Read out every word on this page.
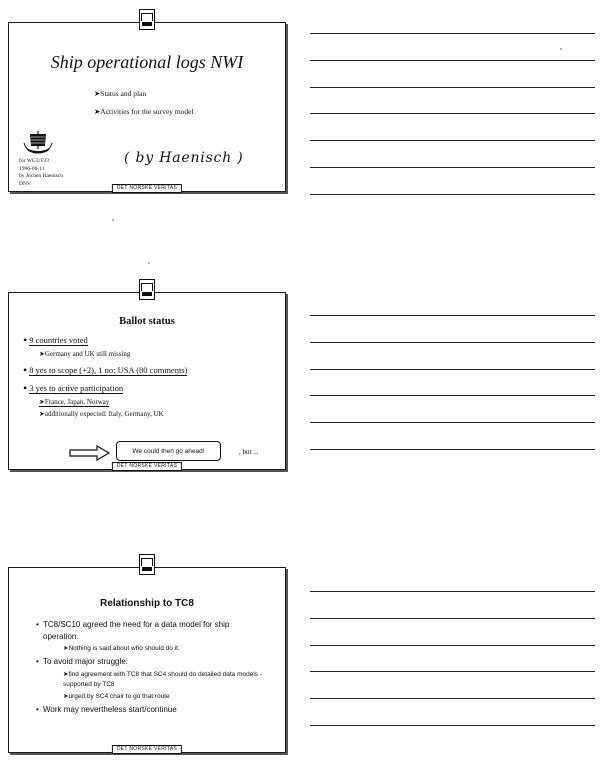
Ship operational logs NWI
➤Status and plan
➤Activities for the survey model
for WG3/T23
1996-06-11
by Jochen Haenisch
DNV
( by Haenisch )
DET NORSKE VERITAS
Ballot status
• 9 countries voted
➤Germany and UK still missing
• 8 yes to scope (+2), 1 no: USA (80 comments)
• 3 yes to active participation
➤France, Japan, Norway
➤additionally expected: Italy, Germany, UK
We could then go ahead!	, but ...
DET NORSKE VERITAS
Relationship to TC8
• TC8/SC10 agreed the need for a data model for ship operation.
➤Nothing is said about who should do it.
• To avoid major struggle:
➤find agreement with TC8 that SC4 should do detailed data models - supported by TC8
➤urged by SC4 chair to go that route
• Work may nevertheless start/continue
DET NORSKE VERITAS
